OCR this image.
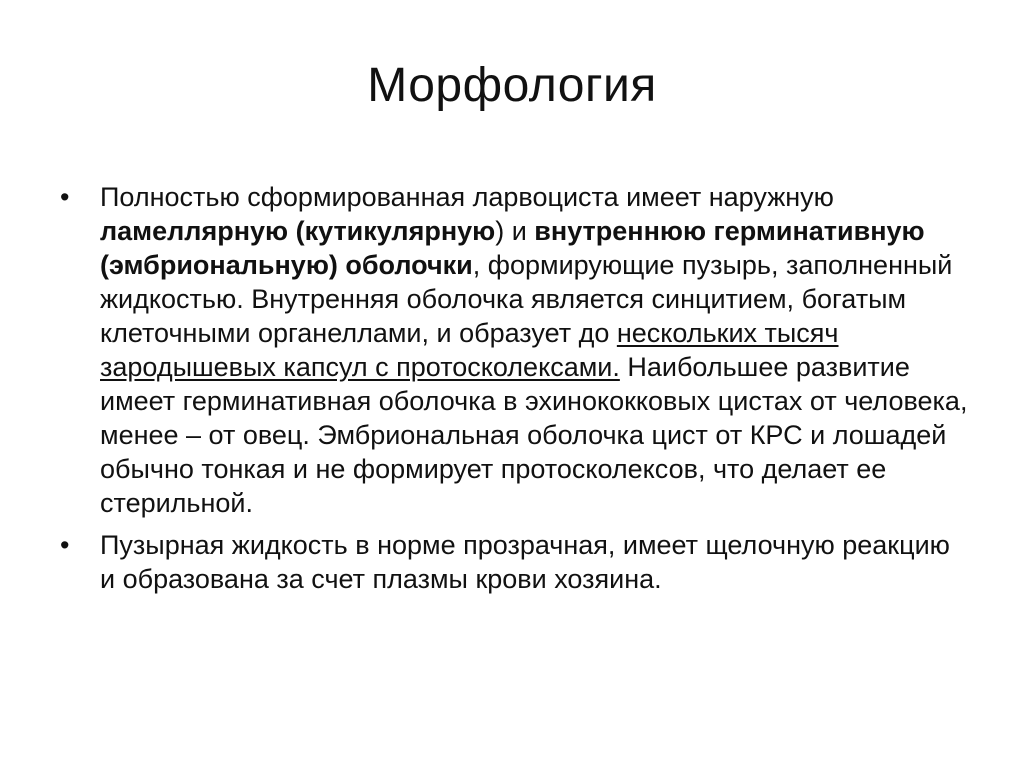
Морфология
•	Полностью сформированная ларвоциста имеет наружную ламеллярную (кутикулярную) и внутреннюю герминативную (эмбриональную) оболочки, формирующие пузырь, заполненный жидкостью. Внутренняя оболочка является синцитием, богатым клеточными органеллами, и образует до нескольких тысяч зародышевых капсул с протосколексами. Наибольшее развитие имеет герминативная оболочка в эхинококковых цистах от человека, менее – от овец. Эмбриональная оболочка цист от КРС и лошадей обычно тонкая и не формирует протосколексов, что делает ее стерильной.
•	Пузырная жидкость в норме прозрачная, имеет щелочную реакцию и образована за счет плазмы крови хозяина.
